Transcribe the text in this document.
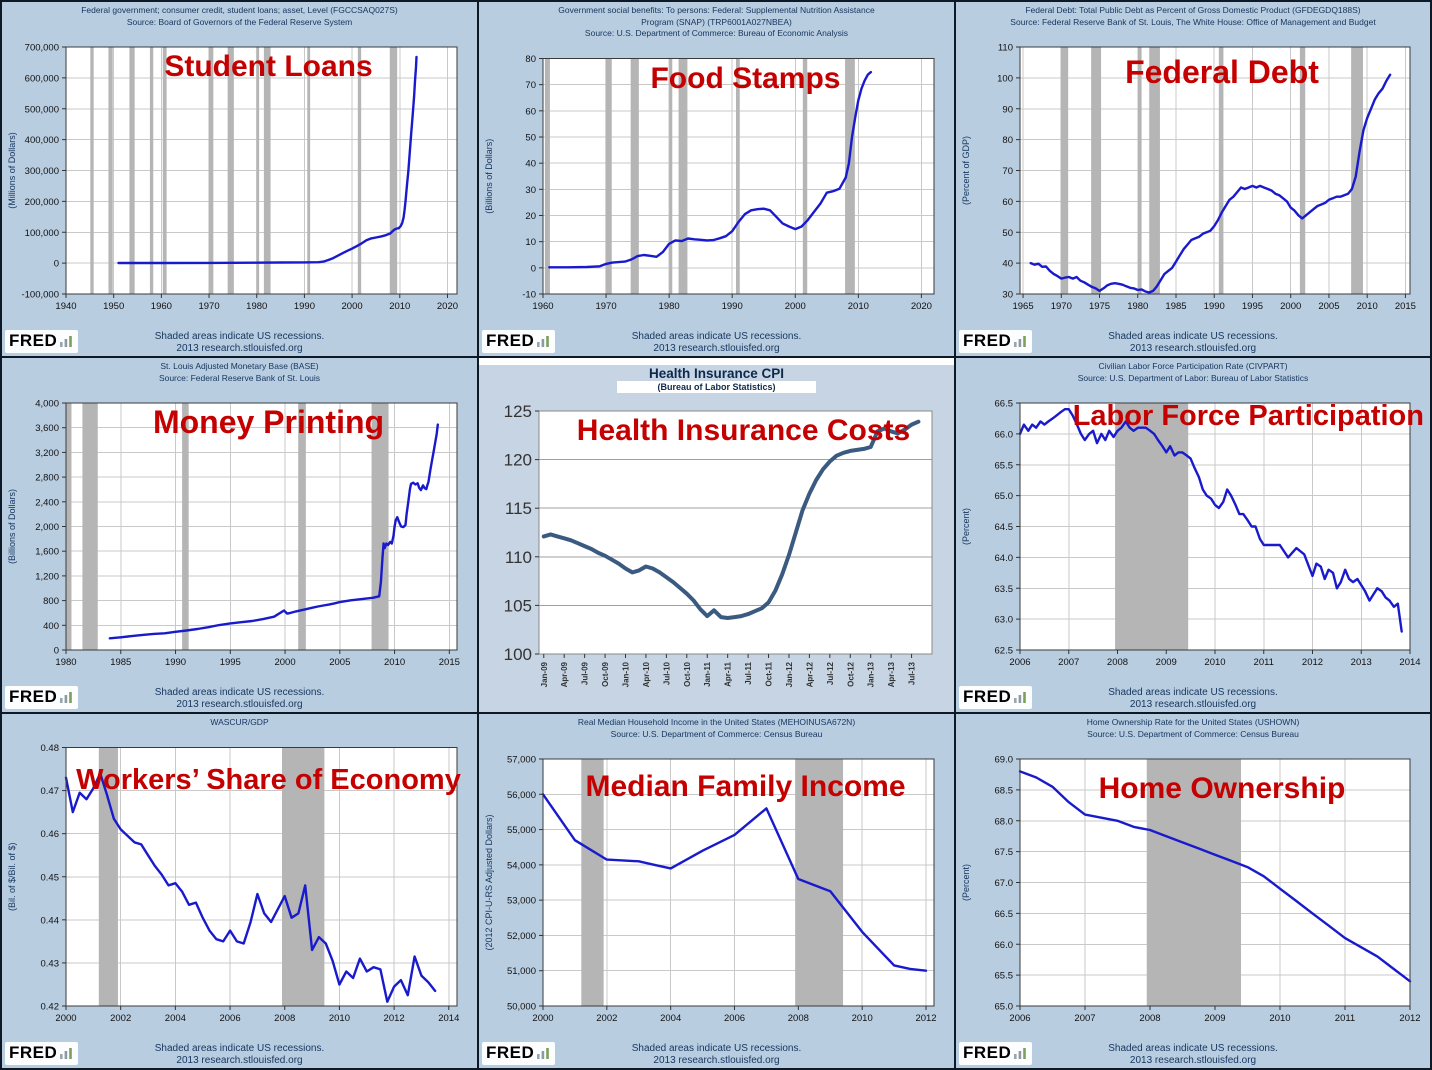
Federal government; consumer credit, student loans; asset, Level (FGCCSAQ027S)
Source: Board of Governors of the Federal Reserve System
700,000
600,000
500,000
400,000
300,000
200,000
100,000
0
-100,000
1940	1950	1960	1970	1980	1990	2000	2010	2020
(Millions of Dollars)
Student Loans
FRED	Shaded areas indicate US recessions.
2013 research.stlouisfed.org
Government social benefits: To persons: Federal: Supplemental Nutrition Assistance
Program (SNAP) (TRP6001A027NBEA)
Source: U.S. Department of Commerce: Bureau of Economic Analysis
80
70
60
50
40
30
20
10
0
-10
1960	1970	1980	1990	2000	2010	2020
(Billions of Dollars)
Food Stamps
FRED	Shaded areas indicate US recessions.
2013 research.stlouisfed.org
Federal Debt: Total Public Debt as Percent of Gross Domestic Product (GFDEGDQ188S)
Source: Federal Reserve Bank of St. Louis, The White House: Office of Management and Budget
110
100
90
80
70
60
50
40
30
1965 1970 1975 1980 1985 1990 1995 2000 2005 2010 2015
(Percent of GDP)
Federal Debt
FRED	Shaded areas indicate US recessions.
2013 research.stlouisfed.org
St. Louis Adjusted Monetary Base (BASE)
Source: Federal Reserve Bank of St. Louis
4,000
3,600
3,200
2,800
2,400
2,000
1,600
1,200
800
400
0
1980	1985	1990	1995	2000	2005	2010	2015
(Billions of Dollars)
Money Printing
FRED	Shaded areas indicate US recessions.
2013 research.stlouisfed.org
Health Insurance CPI
(Bureau of Labor Statistics)
125
120
115
110
105
100
Jan-09 Apr-09 Jul-09 Oct-09 Jan-10 Apr-10 Jul-10 Oct-10 Jan-11 Apr-11 Jul-11 Oct-11 Jan-12 Apr-12 Jul-12 Oct-12 Jan-13 Apr-13 Jul-13
Health Insurance Costs
Civilian Labor Force Participation Rate (CIVPART)
Source: U.S. Department of Labor: Bureau of Labor Statistics
66.5
66.0
65.5
65.0
64.5
64.0
63.5
63.0
62.5
2006	2007	2008	2009	2010	2011	2012	2013	2014
(Percent)
Labor Force Participation
FRED	Shaded areas indicate US recessions.
2013 research.stlouisfed.org
WASCUR/GDP
0.48
0.47
0.46
0.45
0.44
0.43
0.42
2000	2002	2004	2006	2008	2010	2012	2014
(Bil. of $/Bil. of $)
Workers’ Share of Economy
FRED	Shaded areas indicate US recessions.
2013 research.stlouisfed.org
Real Median Household Income in the United States (MEHOINUSA672N)
Source: U.S. Department of Commerce: Census Bureau
57,000
56,000
55,000
54,000
53,000
52,000
51,000
50,000
2000	2002	2004	2006	2008	2010	2012
(2012 CPI-U-RS Adjusted Dollars)
Median Family Income
FRED	Shaded areas indicate US recessions.
2013 research.stlouisfed.org
Home Ownership Rate for the United States (USHOWN)
Source: U.S. Department of Commerce: Census Bureau
69.0
68.5
68.0
67.5
67.0
66.5
66.0
65.5
65.0
2006	2007	2008	2009	2010	2011	2012
(Percent)
Home Ownership
FRED	Shaded areas indicate US recessions.
2013 research.stlouisfed.org
